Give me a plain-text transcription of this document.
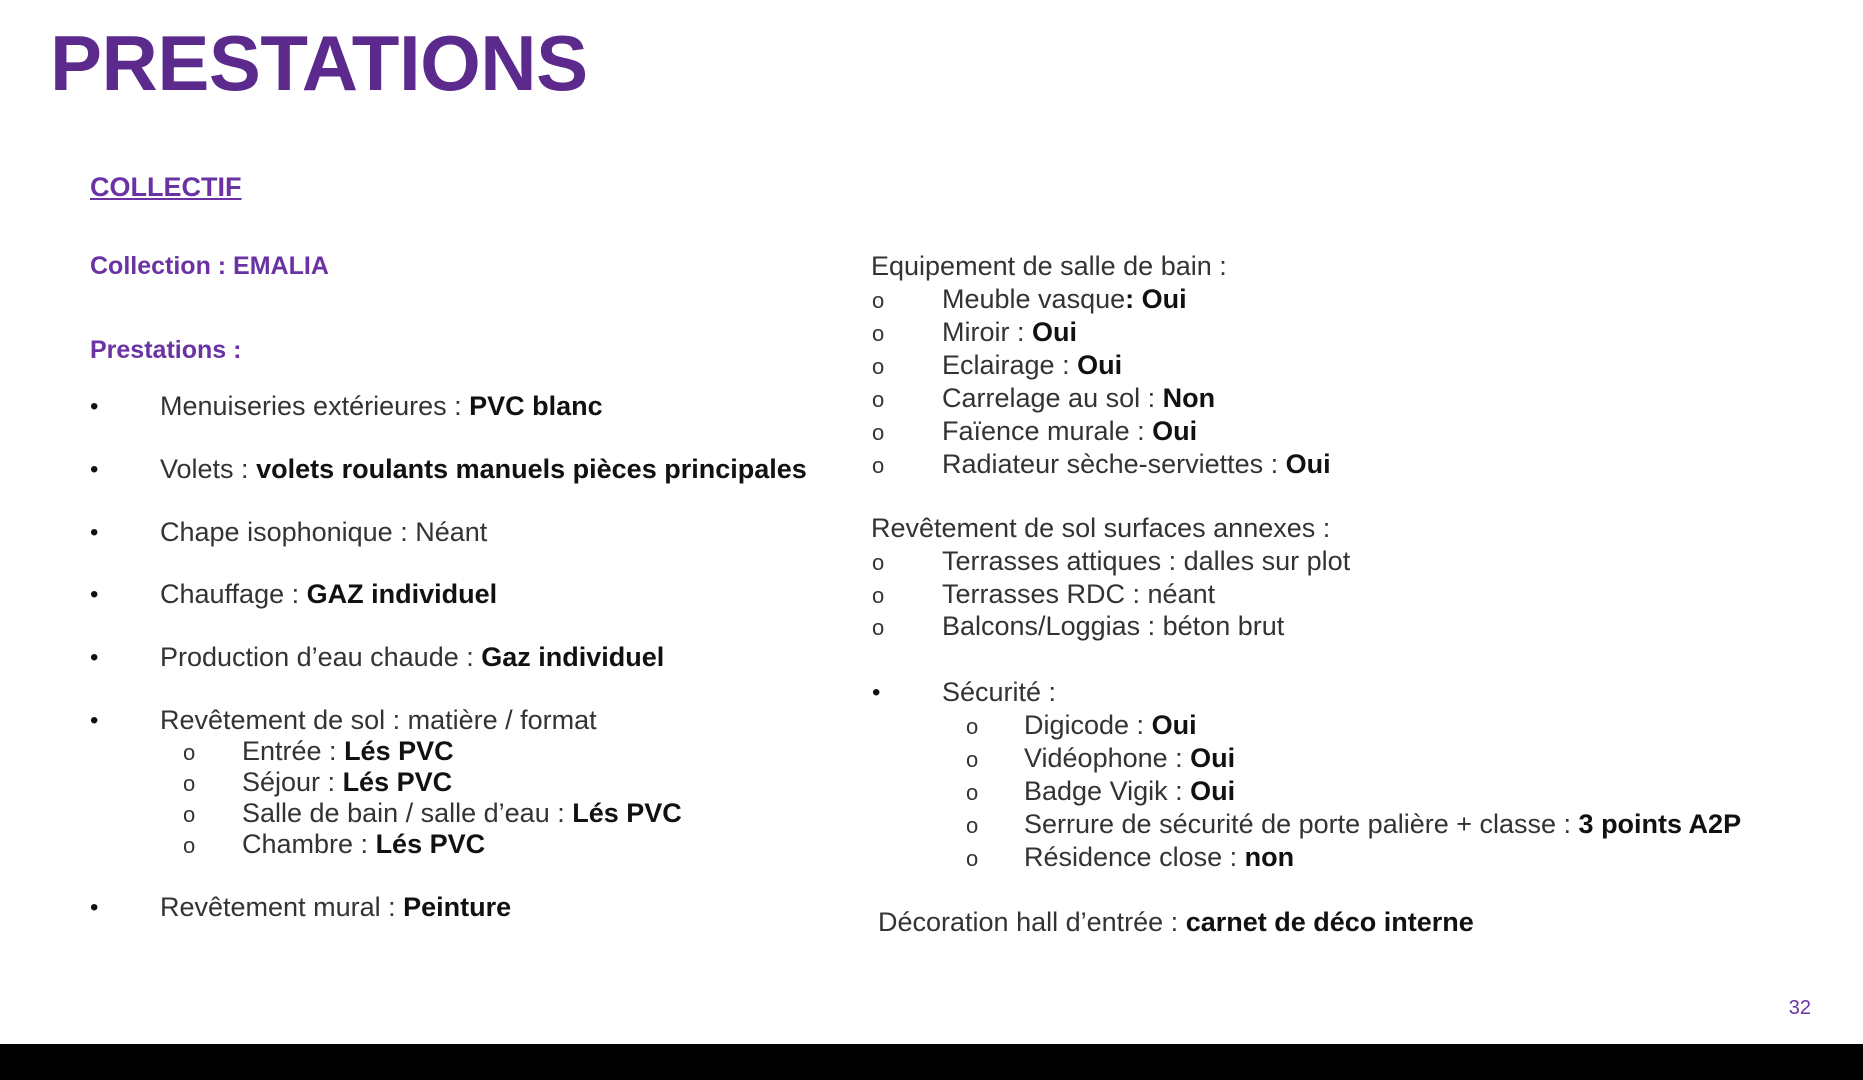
PRESTATIONS
COLLECTIF
Collection : EMALIA
Prestations :
• Menuiseries extérieures : PVC blanc
• Volets : volets roulants manuels pièces principales
• Chape isophonique : Néant
• Chauffage : GAZ individuel
• Production d’eau chaude : Gaz individuel
• Revêtement de sol : matière / format
o Entrée : Lés PVC
o Séjour : Lés PVC
o Salle de bain / salle d’eau : Lés PVC
o Chambre : Lés PVC
• Revêtement mural : Peinture
Equipement de salle de bain :
o Meuble vasque: Oui
o Miroir : Oui
o Eclairage : Oui
o Carrelage au sol : Non
o Faïence murale : Oui
o Radiateur sèche-serviettes : Oui
Revêtement de sol surfaces annexes :
o Terrasses attiques : dalles sur plot
o Terrasses RDC : néant
o Balcons/Loggias : béton brut
• Sécurité :
o Digicode : Oui
o Vidéophone : Oui
o Badge Vigik : Oui
o Serrure de sécurité de porte palière + classe : 3 points A2P
o Résidence close : non
Décoration hall d’entrée : carnet de déco interne
32
